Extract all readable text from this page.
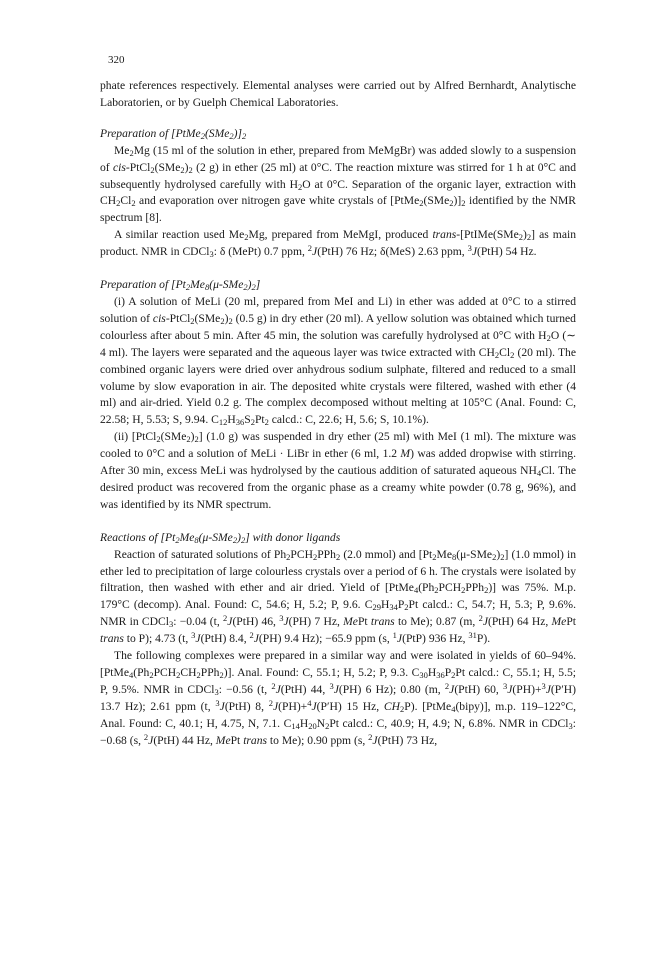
320

phate references respectively. Elemental analyses were carried out by Alfred Bernhardt, Analytische Laboratorien, or by Guelph Chemical Laboratories.

Preparation of $[PtMe_2(SMe_2)]_2$

$Me_2Mg$ (15 ml of the solution in ether, prepared from MeMgBr) was added slowly to a suspension of cis-$PtCl_2(SMe_2)_2$ (2 g) in ether (25 ml) at 0°C. The reaction mixture was stirred for 1 h at 0°C and subsequently hydrolysed carefully with $H_2O$ at 0°C. Separation of the organic layer, extraction with $CH_2Cl_2$ and evaporation over nitrogen gave white crystals of $[PtMe_2(SMe_2)]_2$ identified by the NMR spectrum [8].

A similar reaction used $Me_2Mg$, prepared from MeMgI, produced trans-$[PtIMe(SMe_2)_2]$ as main product. NMR in CDCl$_3$: δ (MePt) 0.7 ppm, $^2$J(PtH) 76 Hz; δ(MeS) 2.63 ppm, $^3$J(PtH) 54 Hz.

Preparation of $[Pt_2Me_8(\mu-SMe_2)_2]$

(i) A solution of MeLi (20 ml, prepared from MeI and Li) in ether was added at 0°C to a stirred solution of cis-$PtCl_2(SMe_2)_2$ (0.5 g) in dry ether (20 ml). A yellow solution was obtained which turned colourless after about 5 min. After 45 min, the solution was carefully hydrolysed at 0°C with $H_2O$ (∼ 4 ml). The layers were separated and the aqueous layer was twice extracted with $CH_2Cl_2$ (20 ml). The combined organic layers were dried over anhydrous sodium sulphate, filtered and reduced to a small volume by slow evaporation in air. The deposited white crystals were filtered, washed with ether (4 ml) and air-dried. Yield 0.2 g. The complex decomposed without melting at 105°C (Anal. Found: C, 22.58; H, 5.53; S, 9.94. $C_{12}H_{36}S_2Pt_2$ calcd.: C, 22.6; H, 5.6; S, 10.1%).

(ii) $[PtCl_2(SMe_2)_2]$ (1.0 g) was suspended in dry ether (25 ml) with MeI (1 ml). The mixture was cooled to 0°C and a solution of MeLi · LiBr in ether (6 ml, 1.2 M) was added dropwise with stirring. After 30 min, excess MeLi was hydrolysed by the cautious addition of saturated aqueous $NH_4Cl$. The desired product was recovered from the organic phase as a creamy white powder (0.78 g, 96%), and was identified by its NMR spectrum.

Reactions of $[Pt_2Me_8(\mu-SMe_2)_2]$ with donor ligands

Reaction of saturated solutions of $Ph_2PCH_2PPh_2$ (2.0 mmol) and $[Pt_2Me_8(\mu-SMe_2)_2]$ (1.0 mmol) in ether led to precipitation of large colourless crystals over a period of 6 h. The crystals were isolated by filtration, then washed with ether and air dried. Yield of $[PtMe_4(Ph_2PCH_2PPh_2)]$ was 75%. M.p. 179°C (decomp). Anal. Found: C, 54.6; H, 5.2; P, 9.6. $C_{29}H_{34}P_2Pt$ calcd.: C, 54.7; H, 5.3; P, 9.6%. NMR in CDCl$_3$: −0.04 (t, $^2$J(PtH) 46, $^3$J(PH) 7 Hz, MePt trans to Me); 0.87 (m, $^2$J(PtH) 64 Hz, MePt trans to P); 4.73 (t, $^3$J(PtH) 8.4, $^2$J(PH) 9.4 Hz); −65.9 ppm (s, $^1$J(PtP) 936 Hz, $^{31}$P).

The following complexes were prepared in a similar way and were isolated in yields of 60–94%. $[PtMe_4(Ph_2PCH_2CH_2PPh_2)]$. Anal. Found: C, 55.1; H, 5.2; P, 9.3. $C_{30}H_{36}P_2Pt$ calcd.: C, 55.1; H, 5.5; P, 9.5%. NMR in CDCl$_3$: −0.56 (t, $^2$J(PtH) 44, $^3$J(PH) 6 Hz); 0.80 (m, $^2$J(PtH) 60, $^3$J(PH)+$^3$J(P′H) 13.7 Hz); 2.61 ppm (t, $^3$J(PtH) 8, $^2$J(PH)+$^4$J(P′H) 15 Hz, $CH_2P$). [PtMe$_4$(bipy)], m.p. 119–122°C, Anal. Found: C, 40.1; H, 4.75, N, 7.1. $C_{14}H_{20}N_2Pt$ calcd.: C, 40.9; H, 4.9; N, 6.8%. NMR in CDCl$_3$: −0.68 (s, $^2$J(PtH) 44 Hz, MePt trans to Me); 0.90 ppm (s, $^2$J(PtH) 73 Hz,
